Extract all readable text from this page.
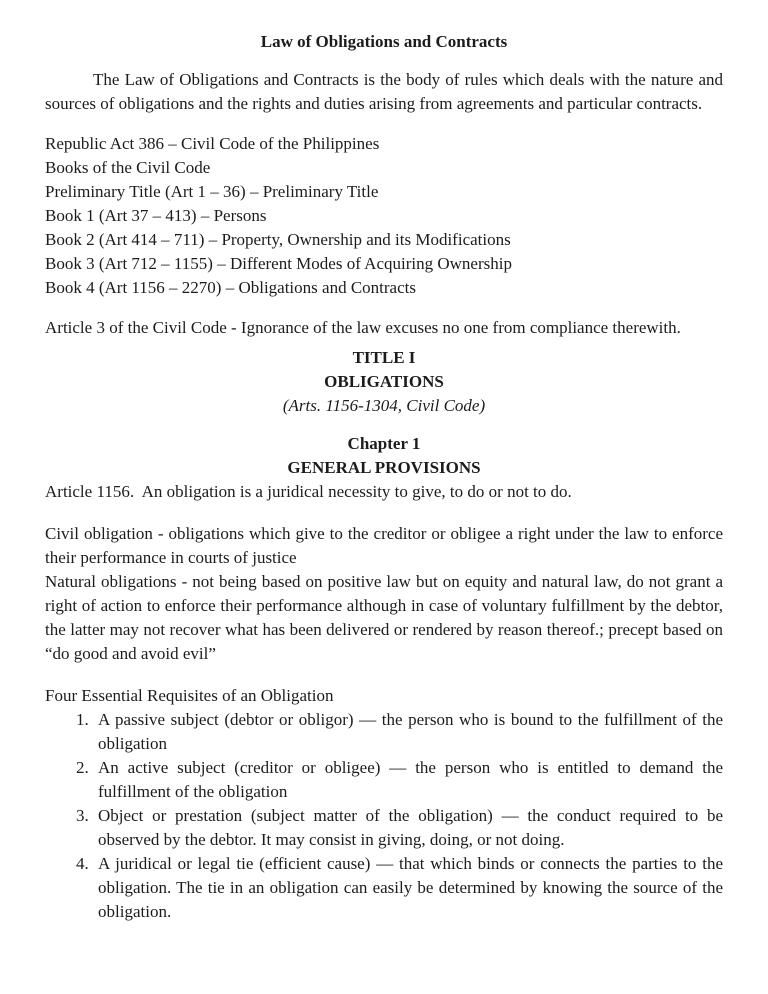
Law of Obligations and Contracts

The Law of Obligations and Contracts is the body of rules which deals with the nature and sources of obligations and the rights and duties arising from agreements and particular contracts.

Republic Act 386 – Civil Code of the Philippines
Books of the Civil Code
Preliminary Title (Art 1 – 36) – Preliminary Title
Book 1 (Art 37 – 413) – Persons
Book 2 (Art 414 – 711) – Property, Ownership and its Modifications
Book 3 (Art 712 – 1155) – Different Modes of Acquiring Ownership
Book 4 (Art 1156 – 2270) – Obligations and Contracts

Article 3 of the Civil Code - Ignorance of the law excuses no one from compliance therewith.

TITLE I
OBLIGATIONS
(Arts. 1156-1304, Civil Code)
Chapter 1
GENERAL PROVISIONS

Article 1156.  An obligation is a juridical necessity to give, to do or not to do.

Civil obligation - obligations which give to the creditor or obligee a right under the law to enforce their performance in courts of justice

Natural obligations - not being based on positive law but on equity and natural law, do not grant a right of action to enforce their performance although in case of voluntary fulfillment by the debtor, the latter may not recover what has been delivered or rendered by reason thereof.; precept based on “do good and avoid evil”

Four Essential Requisites of an Obligation

1. A passive subject (debtor or obligor) — the person who is bound to the fulfillment of the obligation
2. An active subject (creditor or obligee) — the person who is entitled to demand the fulfillment of the obligation
3. Object or prestation (subject matter of the obligation) — the conduct required to be observed by the debtor. It may consist in giving, doing, or not doing.
4. A juridical or legal tie (efficient cause) — that which binds or connects the parties to the obligation. The tie in an obligation can easily be determined by knowing the source of the obligation.
